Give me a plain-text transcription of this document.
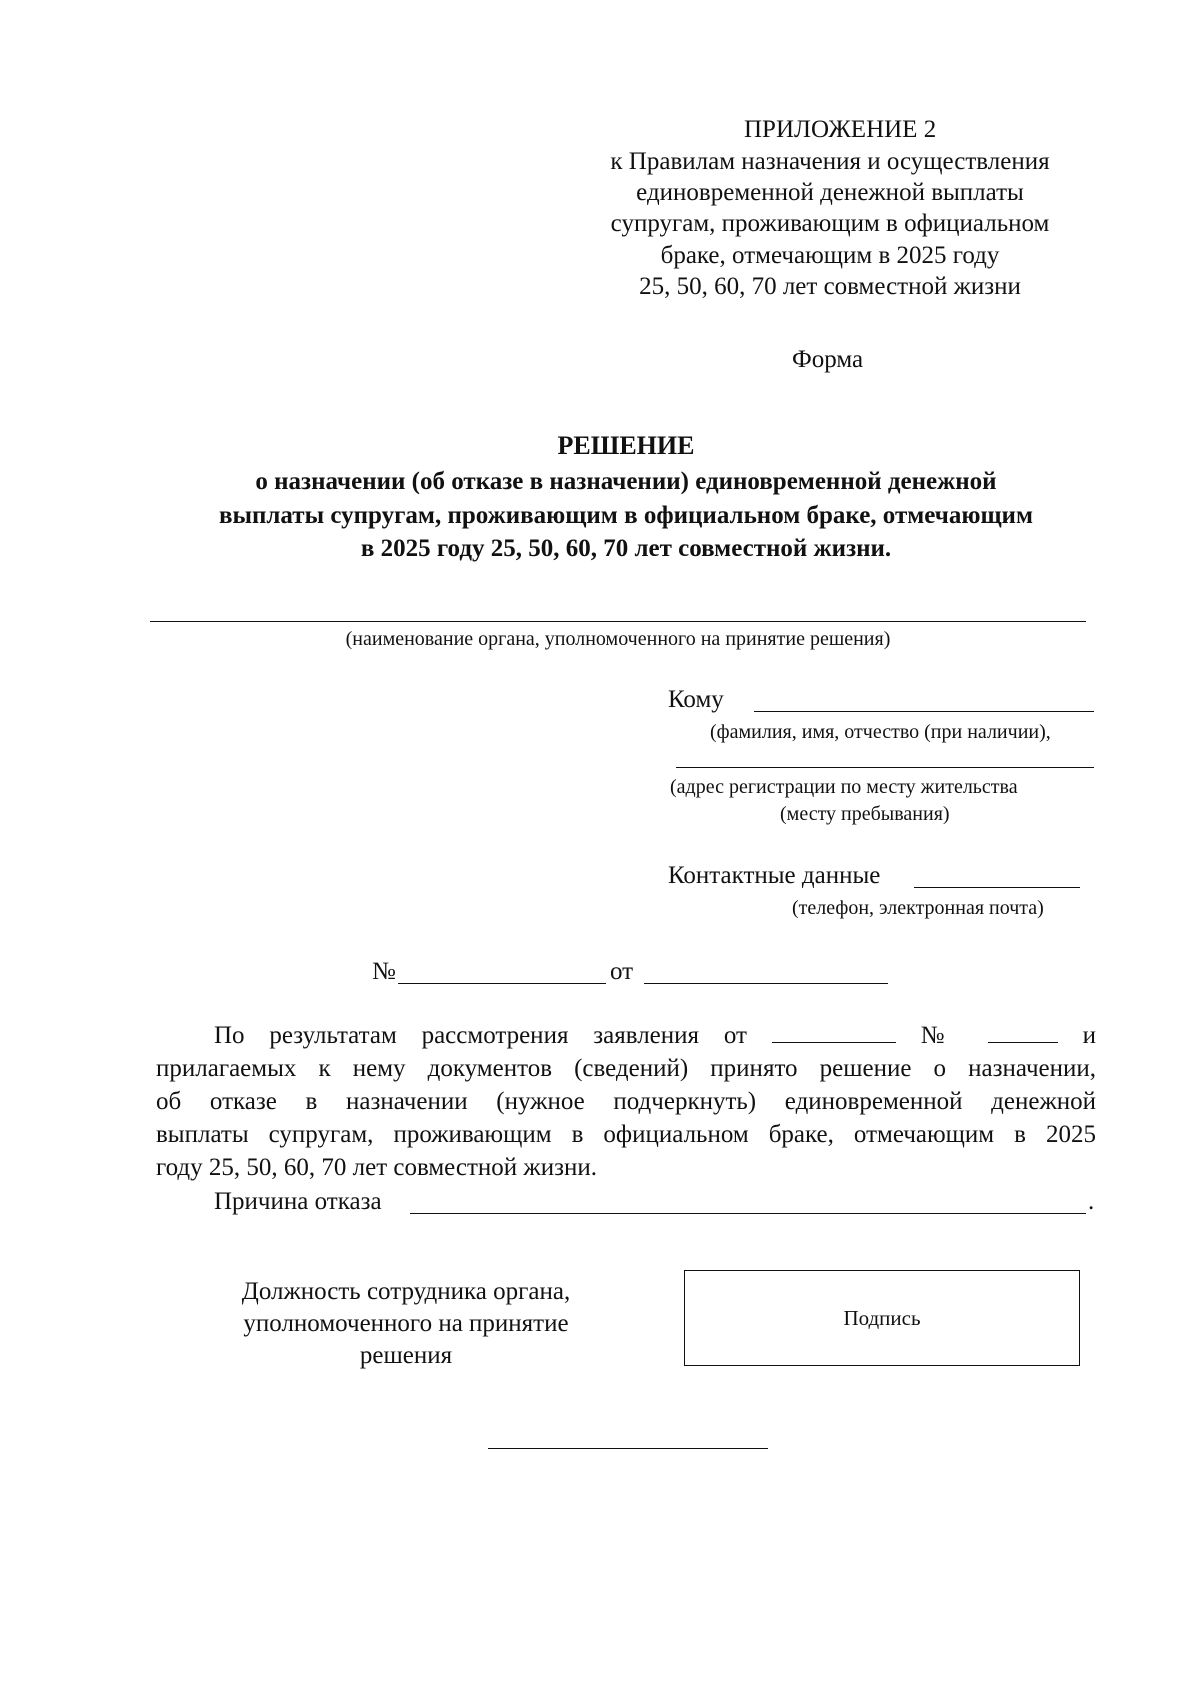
ПРИЛОЖЕНИЕ 2
к Правилам назначения и осуществления
единовременной денежной выплаты
супругам, проживающим в официальном
браке, отмечающим в 2025 году
25, 50, 60, 70 лет совместной жизни
Форма
РЕШЕНИЕ
о назначении (об отказе в назначении) единовременной денежной
выплаты супругам, проживающим в официальном браке, отмечающим
в 2025 году 25, 50, 60, 70 лет совместной жизни.
(наименование органа, уполномоченного на принятие решения)
Кому
(фамилия, имя, отчество (при наличии),
(адрес регистрации по месту жительства
(месту пребывания)
Контактные данные
(телефон, электронная почта)
№	от
По результатам рассмотрения заявления от	№	и
прилагаемых к нему документов (сведений) принято решение о назначении,
об отказе в назначении (нужное подчеркнуть) единовременной денежной
выплаты супругам, проживающим в официальном браке, отмечающим в 2025
году 25, 50, 60, 70 лет совместной жизни.
Причина отказа	.
Должность сотрудника органа,
уполномоченного на принятие
решения
Подпись
